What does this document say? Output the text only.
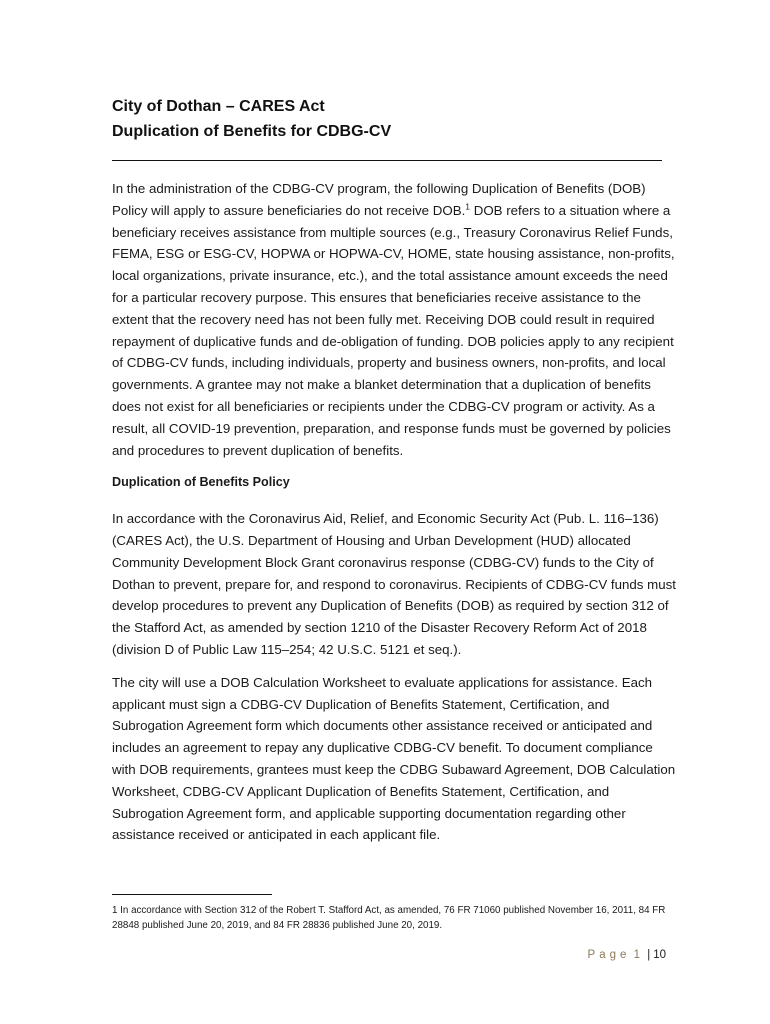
City of Dothan – CARES Act
Duplication of Benefits for CDBG-CV

In the administration of the CDBG-CV program, the following Duplication of Benefits (DOB) Policy will apply to assure beneficiaries do not receive DOB.$^1$ DOB refers to a situation where a beneficiary receives assistance from multiple sources (e.g., Treasury Coronavirus Relief Funds, FEMA, ESG or ESG-CV, HOPWA or HOPWA-CV, HOME, state housing assistance, non-profits, local organizations, private insurance, etc.), and the total assistance amount exceeds the need for a particular recovery purpose. This ensures that beneficiaries receive assistance to the extent that the recovery need has not been fully met. Receiving DOB could result in required repayment of duplicative funds and de-obligation of funding. DOB policies apply to any recipient of CDBG-CV funds, including individuals, property and business owners, non-profits, and local governments. A grantee may not make a blanket determination that a duplication of benefits does not exist for all beneficiaries or recipients under the CDBG-CV program or activity. As a result, all COVID-19 prevention, preparation, and response funds must be governed by policies and procedures to prevent duplication of benefits.

Duplication of Benefits Policy

In accordance with the Coronavirus Aid, Relief, and Economic Security Act (Pub. L. 116–136) (CARES Act), the U.S. Department of Housing and Urban Development (HUD) allocated Community Development Block Grant coronavirus response (CDBG-CV) funds to the City of Dothan to prevent, prepare for, and respond to coronavirus. Recipients of CDBG-CV funds must develop procedures to prevent any Duplication of Benefits (DOB) as required by section 312 of the Stafford Act, as amended by section 1210 of the Disaster Recovery Reform Act of 2018 (division D of Public Law 115–254; 42 U.S.C. 5121 et seq.).

The city will use a DOB Calculation Worksheet to evaluate applications for assistance. Each applicant must sign a CDBG-CV Duplication of Benefits Statement, Certification, and Subrogation Agreement form which documents other assistance received or anticipated and includes an agreement to repay any duplicative CDBG-CV benefit. To document compliance with DOB requirements, grantees must keep the CDBG Subaward Agreement, DOB Calculation Worksheet, CDBG-CV Applicant Duplication of Benefits Statement, Certification, and Subrogation Agreement form, and applicable supporting documentation regarding other assistance received or anticipated in each applicant file.

1 In accordance with Section 312 of the Robert T. Stafford Act, as amended, 76 FR 71060 published November 16, 2011, 84 FR 28848 published June 20, 2019, and 84 FR 28836 published June 20, 2019.
Page 1 | 10
